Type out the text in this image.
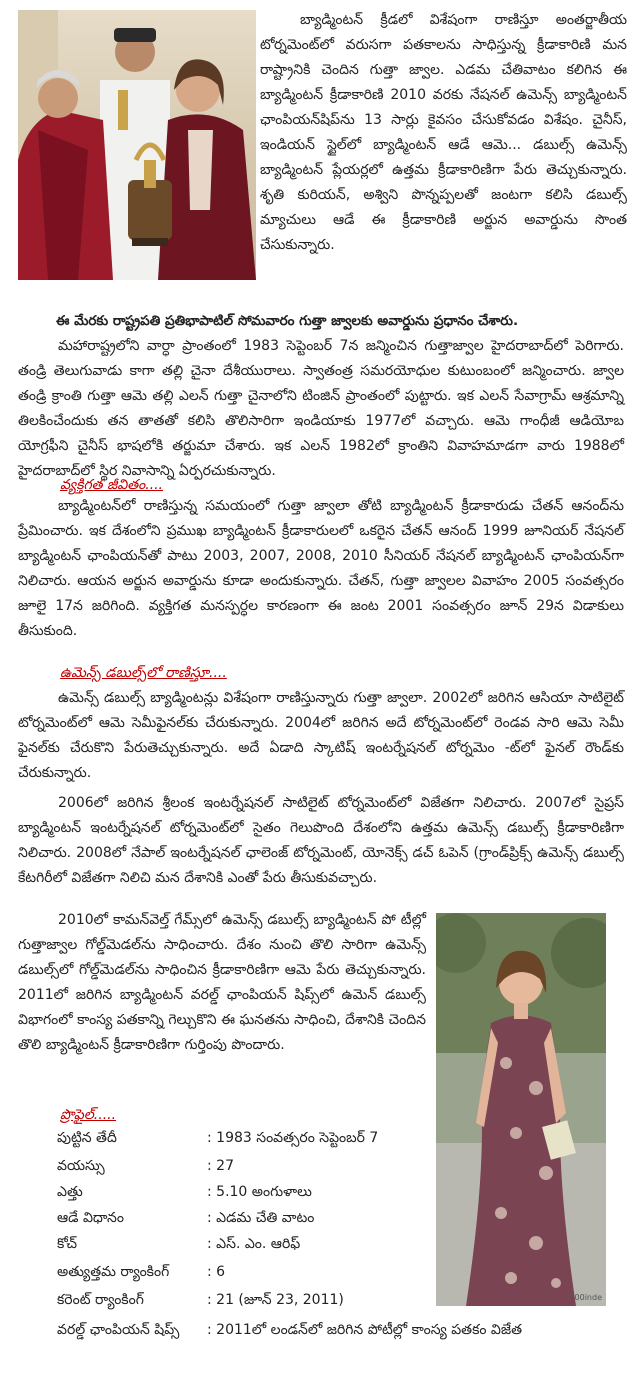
బ్యాడ్మింటన్ క్రీడలో విశేషంగా రాణిస్తూ అంతర్జాతీయ టోర్నమెంట్‌లో వరుసగా పతకాలను సాధిస్తున్న క్రీడాకారిణి మన రాష్ట్రానికి చెందిన గుత్తా జ్వాల. ఎడమ చేతివాటం కలిగిన ఈ బ్యాడ్మింటన్ క్రీడాకారిణి 2010 వరకు నేషనల్ ఉమెన్స్ బ్యాడ్మింటన్ ఛాంపియన్‌షిప్‌ను 13 సార్లు కైవసం చేసుకోవడం విశేషం. చైనీస్, ఇండియన్ స్టైల్‌లో బ్యాడ్మింటన్ ఆడే ఆమె... డబుల్స్ ఉమెన్స్ బ్యాడ్మింటన్ ప్లేయర్లలో ఉత్తమ క్రీడాకారిణిగా పేరు తెచ్చుకున్నారు. శృతి కురియన్, అశ్విని పొన్నప్పలతో జంటగా కలిసి డబుల్స్ మ్యాచులు ఆడే ఈ క్రీడాకారిణి అర్జున అవార్డును సొంత చేసుకున్నారు.
ఈ మేరకు రాష్ట్రపతి ప్రతిభాపాటిల్ సోమవారం గుత్తా జ్వాలకు అవార్డును ప్రధానం చేశారు.
మహారాష్ట్రలోని వార్ధా ప్రాంతంలో 1983 సెప్టెంబర్ 7న జన్మించిన గుత్తాజ్వాల హైదరాబాద్‌లో పెరిగారు. తండ్రి తెలుగువాడు కాగా తల్లి చైనా దేశీయురాలు. స్వాతంత్ర సమరయోధుల కుటుంబంలో జన్మించారు. జ్వాల తండ్రి క్రాంతి గుత్తా ఆమె తల్లి ఎలన్ గుత్తా చైనాలోని టింజిన్ ప్రాంతంలో పుట్టారు. ఇక ఎలన్ సేవాగ్రామ్ ఆశ్రమాన్ని తిలకించేందుకు తన తాతతో కలిసి తొలిసారిగా ఇండియాకు 1977లో వచ్చారు. ఆమె గాంధీజీ ఆడియోబ యోగ్రఫీని చైనీస్ భాషలోకి తర్జుమా చేశారు. ఇక ఎలన్ 1982లో క్రాంతిని వివాహమాడగా వారు 1988లో హైదరాబాద్‌లో స్థిర నివాసాన్ని ఏర్పరచుకున్నారు.
వ్యక్తిగత జీవితం....
బ్యాడ్మింటన్‌లో రాణిస్తున్న సమయంలో గుత్తా జ్వాలా తోటి బ్యాడ్మింటన్ క్రీడాకారుడు చేతన్ ఆనంద్‌ను ప్రేమించారు. ఇక దేశంలోని ప్రముఖ బ్యాడ్మింటన్ క్రీడాకారులలో ఒకరైన చేతన్ ఆనంద్ 1999 జూనియర్ నేషనల్ బ్యాడ్మింటన్ ఛాంపియన్‌తో పాటు 2003, 2007, 2008, 2010 సీనియర్ నేషనల్ బ్యాడ్మింటన్ ఛాంపియన్‌గా నిలిచారు. ఆయన అర్జున అవార్డును కూడా అందుకున్నారు. చేతన్, గుత్తా జ్వాలల వివాహం 2005 సంవత్సరం జూలై 17న జరిగింది. వ్యక్తిగత మనస్పర్ధల కారణంగా ఈ జంట 2001 సంవత్సరం జూన్ 29న విడాకులు తీసుకుంది.
ఉమెన్స్ డబుల్స్‌లో రాణిస్తూ....
ఉమెన్స్ డబుల్స్ బ్యాడ్మింటన్లు విశేషంగా రాణిస్తున్నారు గుత్తా జ్వాలా. 2002లో జరిగిన ఆసియా సాటిలైట్ టోర్నమెంట్‌లో ఆమె సెమీఫైనల్‌కు చేరుకున్నారు. 2004లో జరిగిన అదే టోర్నమెంట్‌లో రెండవ సారి ఆమె సెమీ ఫైనల్‌కు చేరుకొని పేరుతెచ్చుకున్నారు. అదే ఏడాది స్కాటిష్ ఇంటర్నేషనల్ టోర్నమెం -ట్‌లో ఫైనల్ రౌండ్‌కు చేరుకున్నారు.
2006లో జరిగిన శ్రీలంక ఇంటర్నేషనల్ సాటిలైట్ టోర్నమెంట్‌లో విజేతగా నిలిచారు. 2007లో సైప్రస్ బ్యాడ్మింటన్ ఇంటర్నేషనల్ టోర్నమెంట్‌లో సైతం గెలుపొంది దేశంలోని ఉత్తమ ఉమెన్స్ డబుల్స్ క్రీడాకారిణిగా నిలిచారు. 2008లో నేపాల్ ఇంటర్నేషనల్ ఛాలెంజ్ టోర్నమెంట్, యోనెక్స్ డచ్ ఓపెన్ (గ్రాండ్‌ప్రిక్స్ ఉమెన్స్ డబుల్స్ కేటగిరీలో విజేతగా నిలిచి మన దేశానికి ఎంతో పేరు తీసుకువచ్చారు.
2010లో కామన్‌వెల్త్ గేమ్స్‌లో ఉమెన్స్ డబుల్స్ బ్యాడ్మింటన్ పో టీల్లో గుత్తాజ్వాల గోల్డ్‌మెడల్‌ను సాధించారు. దేశం నుంచి తొలి సారిగా ఉమెన్స్ డబుల్స్‌లో గోల్డ్‌మెడల్‌ను సాధించిన క్రీడాకారిణిగా ఆమె పేరు తెచ్చుకున్నారు. 2011లో జరిగిన బ్యాడ్మింటన్ వరల్డ్ ఛాంపియన్ షిప్స్‌లో ఉమెన్ డబుల్స్ విభాగంలో కాంస్య పతకాన్ని గెల్చుకొని ఈ ఘనతను సాధించి, దేశానికి చెందిన తొలి బ్యాడ్మింటన్ క్రీడాకారిణిగా గుర్తింపు పొందారు.
900inde
ప్రొఫైల్.....
పుట్టిన తేదీ	: 1983 సంవత్సరం సెప్టెంబర్ 7
వయస్సు	: 27
ఎత్తు	: 5.10 అంగుళాలు
ఆడే విధానం	: ఎడమ చేతి వాటం
కోచ్	: ఎస్. ఎం. ఆరిఫ్
అత్యుత్తమ ర్యాంకింగ్	: 6
కరెంట్ ర్యాంకింగ్	: 21 (జూన్ 23, 2011)
వరల్డ్ ఛాంపియన్ షిప్స్ : 2011లో లండన్‌లో జరిగిన పోటీల్లో కాంస్య పతకం విజేత
